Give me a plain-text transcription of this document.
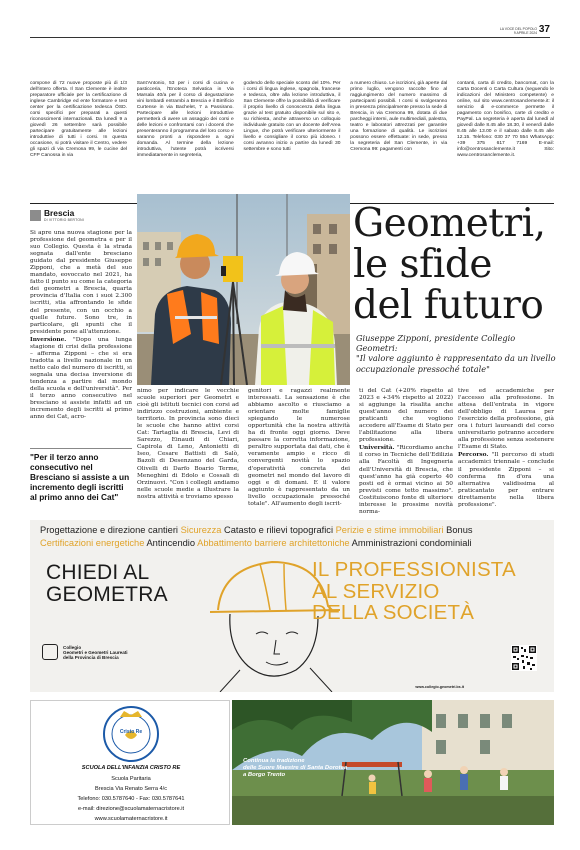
LA VOCE DEL POPOLO
9 APRILE 2024 37
compone di 72 nuove proposte più di 1/3 dell'intero offerta. Il San Clemente è inoltre preparatore ufficiale per la certificazione di inglese Cambridge ed ente formatore e test center per la certificazione tedesca ÖSD. corsi specifici per preparati a questi riconoscimenti internazionali. Da lunedì 9 a giovedì 26 settembre sarà possibile partecipare gratuitamente alle lezioni introduttive di tutti i corsi. In questa occasione, si potrà visitare il Centro, vedere gli spazi di via Cremona 99, le cucine del CFP Canossa in via
Sant'Antonio, 53 per i corsi di cucina e pasticceria, l'Enoteca Selvatica in Via Marsala 40/a per il corso di degustazione vini lombardi entrambi a Brescia e il Birrificio Curtense in via Bachelet, 7 a Passirano. Partecipare alle lezioni introduttive permetterà di avere un assaggio dei corsi e delle lezioni e confrontarsi con i docenti che presenteranno il programma del loro corso e saranno pronti a rispondere a ogni domanda. Al termine della lezione introduttiva, l'utente potrà iscriversi immediatamente in segreteria,
godendo dello speciale sconto del 10%. Per i corsi di lingua inglese, spagnola, francese e tedesca, oltre alla lezione introduttiva, il San Clemente offre la possibilità di verificare il proprio livello di conoscenza della lingua grazie al test gratuito disponibile sul sito e, su richiesta, anche attraverso un colloquio individuale gratuito con un docente dell'Area Lingue, che potrà verificare ulteriormente il livello e consigliare il corso più idoneo. I corsi avranno inizio a partire da lunedì 30 settembre e sono tutti
a numero chiuso. Le iscrizioni, già aperte dal primo luglio, vengono raccolte fino al raggiungimento del numero massimo di partecipanti possibili. I corsi si svolgeranno in presenza principalmente presso la sede di Brescia, in via Cremona 99, dotata di due parcheggi interni, aule multimediali, palestra, teatro e laboratori attrezzati per garantire una formazione di qualità. Le iscrizioni possono essere effettuate: in sede, presso la segreteria del San Clemente, in via Cremona 99: pagamenti con
contanti, carta di credito, bancomat, con la Carta Docenti o Carta Cultura (seguendo le indicazioni del Ministero competente) e online, sul sito www.centrosanclemente.it: il servizio di e-commerce permette il pagamento con bonifico, carte di credito e PayPal. La segreteria è aperta dal lunedì al giovedì dalle 8.45 alle 18.30, il venerdì dalle 8.45 alle 13.00 e il sabato dalle 8.45 alle 12.15. Telefono: 030 37 70 554 WhatsApp: +39 375 617 7169 E-mail: info@centrosanclemente.it Sito: www.centrosanclemente.it.
Brescia
DI VITTORIO BERTONI

Si apre una nuova stagione per la professione del geometra e per il suo Collegio. Questa è la strada segnata dall'ente bresciano guidato dal presidente Giuseppe Zipponi, che a metà del suo mandato, eovoccato nel 2021, ha fatto il punto su come la categoria dei geometri a Brescia, quarta provincia d'Italia con i suoi 2.300 iscritti, stia affrontando le sfide del presente, con un occhio a quelle future. Sono tre, in particolare, gli spunti che il presidente pone all'attenzione.

Inversione. "Dopo una lunga stagione di crisi della professione – afferma Zipponi – che si era tradotta a livello nazionale in un netto calo del numero di iscritti, si segnala una decisa inversione di tendenza a partire dal mondo della scuola e dell'università". Per il terzo anno consecutivo nel bresciano si assiste infatti ad un incremento degli iscritti al primo anno dei Cat, acro-

"Per il terzo anno consecutivo nel Bresciano si assiste a un incremento degli iscritti al primo anno dei Cat"
Geometri,
le sfide
del futuro
Giuseppe Zipponi, presidente Collegio Geometri:
"Il valore aggiunto è rappresentato da un livello occupazionale pressoché totale"
nimo per indicare le vecchie scuole superiori per Geometri e cioè gli istituti tecnici con corsi ad indirizzo costruzioni, ambiente e territorio. In provincia sono dieci le scuole che hanno attivi corsi Cat: Tartaglia di Brescia, Levi di Sarezzo, Einaudi di Chiari, Capirola di Leno, Antonietti di Iseo, Cesare Battisti di Salò, Bazoli di Desenzano del Garda, Olivelli di Darfo Boario Terme, Meneghini di Edolo e Cossali di Orzinuovi. "Con i collegli andiamo nelle scuole medie a illustrare la nostra attività e troviamo spesso
genitori e ragazzi realmente interessati. La sensazione è che abbiamo ascolto e riusciamo a orientare molte famiglie spiegando le numerose opportunità che la nostra attività ha di fronte oggi giorno. Deve passare la corretta informazione, peraltro supportata dai dati, che è veramente ampio e ricco di convergenti novità lo spazio d'operatività concreta dei geometri nel mondo del lavoro di oggi e di domani. E il valore aggiunto è rappresentato da un livello occupazionale pressoché totale". All'aumento degli iscrit-

ti del Cat (+20% rispetto al 2023 e +34% rispetto al 2022) si aggiunge la risalita anche quest'anno del numero dei praticanti che vogliono accedere all'Esame di Stato per l'abilitazione alla libera professione.

Università. "Ricordiamo anche il corso in Tecniche dell'Edilizia alla Facoltà di Ingegneria dell'Università di Brescia, che quest'anno ha già coperto 40 posti ed è ormai vicino ai 50 previsti come tetto massimo". Costituiscono fonte di ulteriore interesse le prossime novità norma-

tive ed accademiche per l'accesso alla professione. In attesa dell'entrata in vigore dell'obbligo di Laurea per l'esercizio della professione, già ora i futuri laureandi del corso universitario potranno accedere alla professione senza sostenere l'Esame di Stato.

Percorso. "Il percorso di studi accademici triennale – conclude il presidente Zipponi – si conferma fin d'ora una alternativa validissima al praticantato per entrare direttamente nella libera professione".

Progettazione e direzione cantieri Sicurezza Catasto e rilievi topografici Perizie e stime immobiliari Bonus
Certificazioni energetiche Antincendio Abbattimento barriere architettoniche Amministrazioni condominiali
CHIEDI AL
GEOMETRA
IL PROFESSIONISTA
AL SERVIZIO
DELLA SOCIETÀ
Collegio
Geometri e Geometri Laureati
della Provincia di Brescia
www.collegio.geometri.bs.it
Cristo Re
SCUOLA DELL'INFANZIA CRISTO RE
Scuola Paritaria
Brescia Via Renato Serra 4/c
Telefono: 030.5787640 - Fax: 030.5787641
e-mail: direzione@scuolamaternacristore.it
www.scuolamaternacristore.it
Continua la tradizione
delle Suore Maestre di Santa Dorotea
a Borgo Trento
